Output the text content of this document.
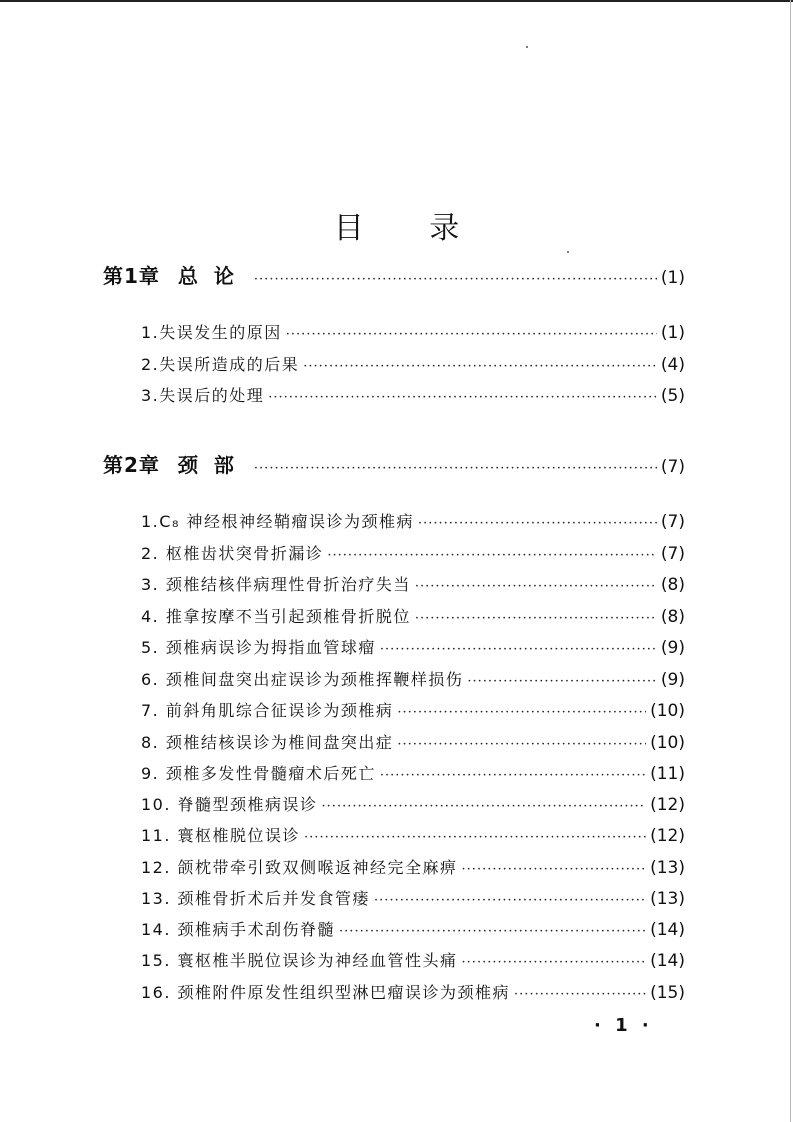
目 录
第1章 总论 ·····	(1)
1.失误发生的原因 ·····	(1)
2.失误所造成的后果 ·····	(4)
3.失误后的处理 ·····	(5)
第2章 颈部 ·····	(7)
1.C₈ 神经根神经鞘瘤误诊为颈椎病 ·····	(7)
2. 枢椎齿状突骨折漏诊 ·····	(7)
3. 颈椎结核伴病理性骨折治疗失当 ·····	(8)
4. 推拿按摩不当引起颈椎骨折脱位 ·····	(8)
5. 颈椎病误诊为拇指血管球瘤 ·····	(9)
6. 颈椎间盘突出症误诊为颈椎挥鞭样损伤 ·····	(9)
7. 前斜角肌综合征误诊为颈椎病 ·····	(10)
8. 颈椎结核误诊为椎间盘突出症 ·····	(10)
9. 颈椎多发性骨髓瘤术后死亡 ·····	(11)
10. 脊髓型颈椎病误诊 ·····	(12)
11. 寰枢椎脱位误诊 ·····	(12)
12. 颌枕带牵引致双侧喉返神经完全麻痹 ·····	(13)
13. 颈椎骨折术后并发食管瘘 ·····	(13)
14. 颈椎病手术刮伤脊髓 ·····	(14)
15. 寰枢椎半脱位误诊为神经血管性头痛 ·····	(14)
16. 颈椎附件原发性组织型淋巴瘤误诊为颈椎病 ·····	(15)
· 1 ·
